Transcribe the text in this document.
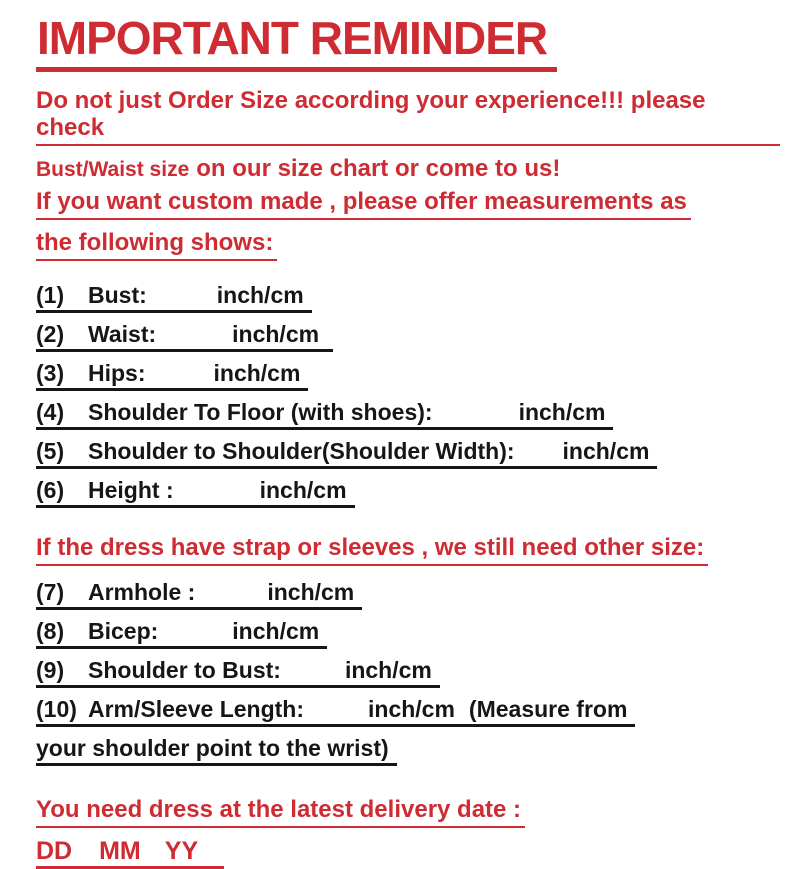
IMPORTANT REMINDER
Do not just Order Size according your experience!!! please check
Bust/Waist size on our size chart or come to us!
If you want custom made , please offer measurements as
the following shows:
(1) Bust:	inch/cm
(2) Waist:	inch/cm
(3) Hips:	inch/cm
(4) Shoulder To Floor (with shoes):	inch/cm
(5) Shoulder to Shoulder(Shoulder Width): inch/cm
(6) Height :	inch/cm
If the dress have strap or sleeves , we still need other size:
(7) Armhole :	inch/cm
(8) Bicep:	inch/cm
(9) Shoulder to Bust:	inch/cm
(10) Arm/Sleeve Length:	inch/cm (Measure from
your shoulder point to the wrist)
You need dress at the latest delivery date :
DD MM YY
